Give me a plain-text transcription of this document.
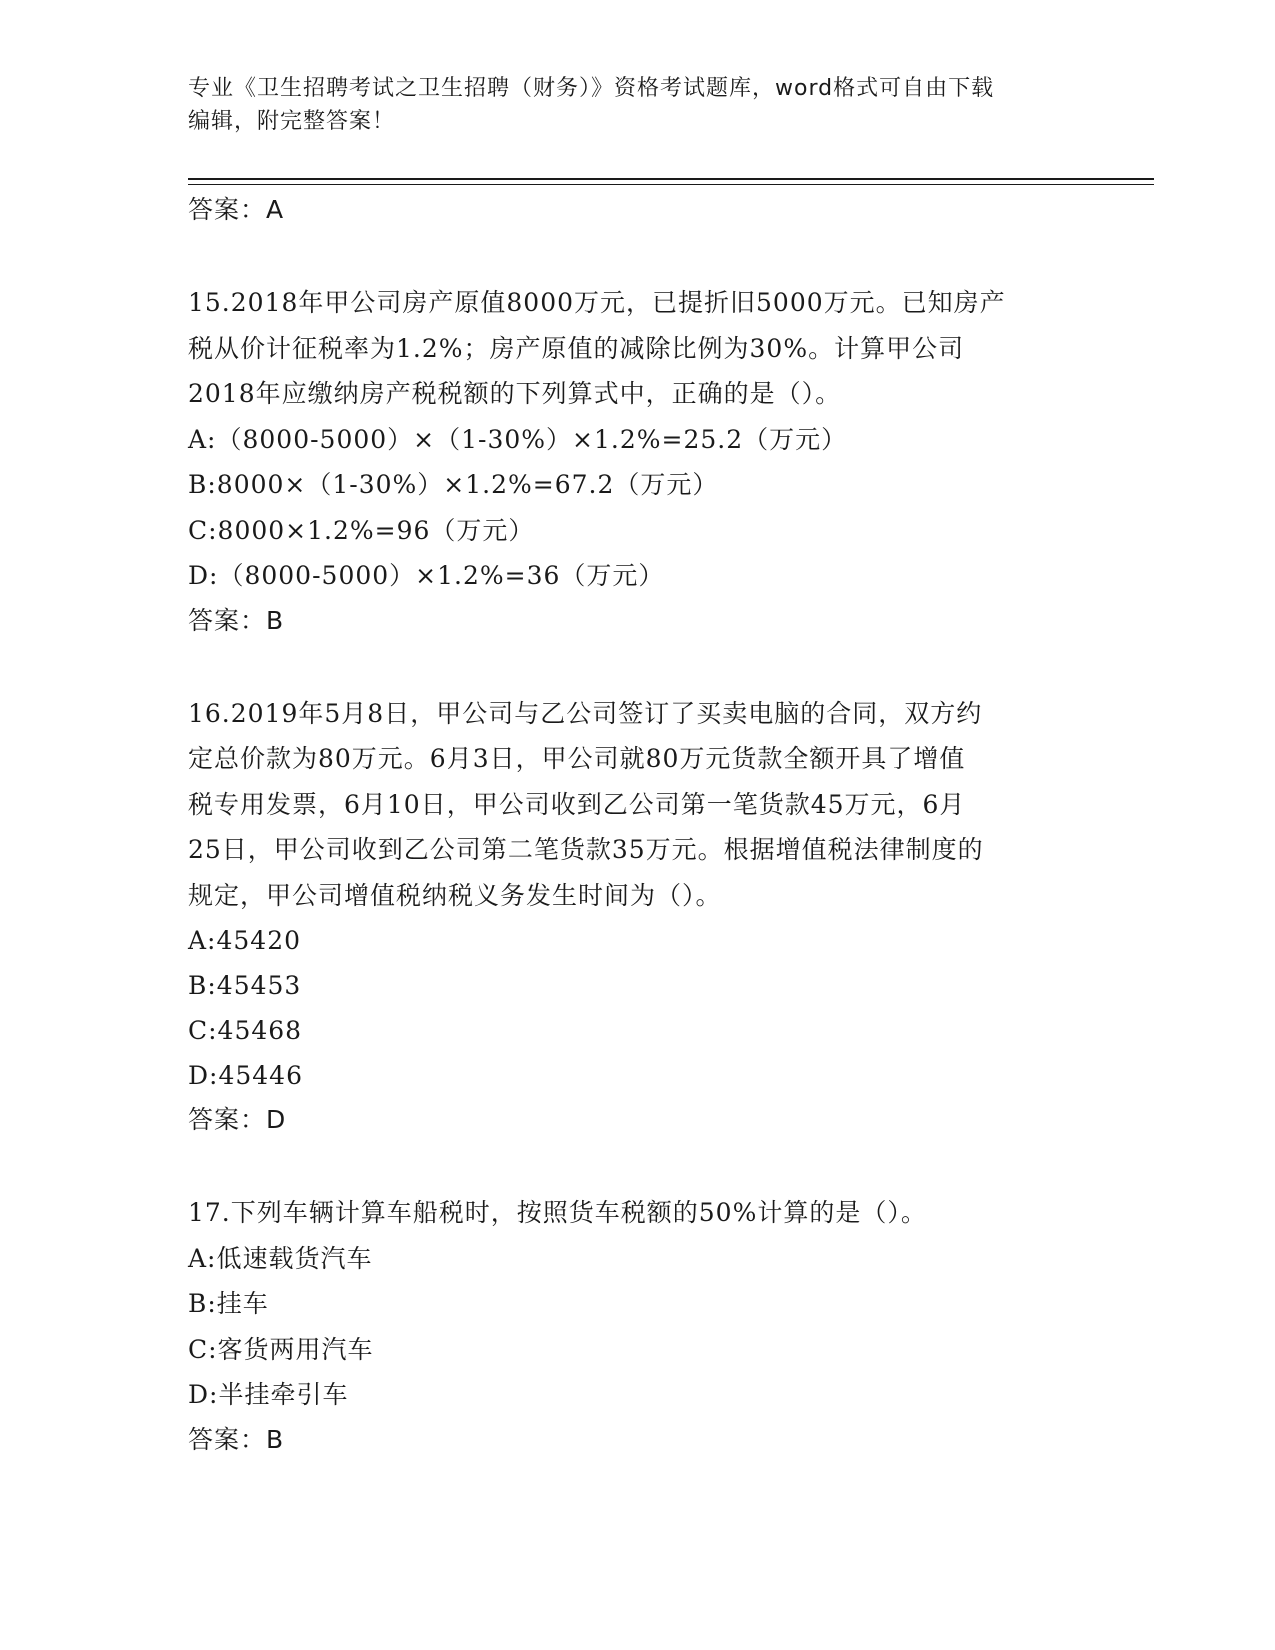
专业《卫生招聘考试之卫生招聘（财务）》资格考试题库，word格式可自由下载
编辑，附完整答案！
答案：A
15.2018年甲公司房产原值8000万元，已提折旧5000万元。已知房产
税从价计征税率为1.2%；房产原值的减除比例为30%。计算甲公司
2018年应缴纳房产税税额的下列算式中，正确的是（）。
A:（8000-5000）×（1-30%）×1.2%=25.2（万元）
B:8000×（1-30%）×1.2%=67.2（万元）
C:8000×1.2%=96（万元）
D:（8000-5000）×1.2%=36（万元）
答案：B
16.2019年5月8日，甲公司与乙公司签订了买卖电脑的合同，双方约
定总价款为80万元。6月3日，甲公司就80万元货款全额开具了增值
税专用发票，6月10日，甲公司收到乙公司第一笔货款45万元，6月
25日，甲公司收到乙公司第二笔货款35万元。根据增值税法律制度的
规定，甲公司增值税纳税义务发生时间为（）。
A:45420
B:45453
C:45468
D:45446
答案：D
17.下列车辆计算车船税时，按照货车税额的50%计算的是（）。
A:低速载货汽车
B:挂车
C:客货两用汽车
D:半挂牵引车
答案：B
